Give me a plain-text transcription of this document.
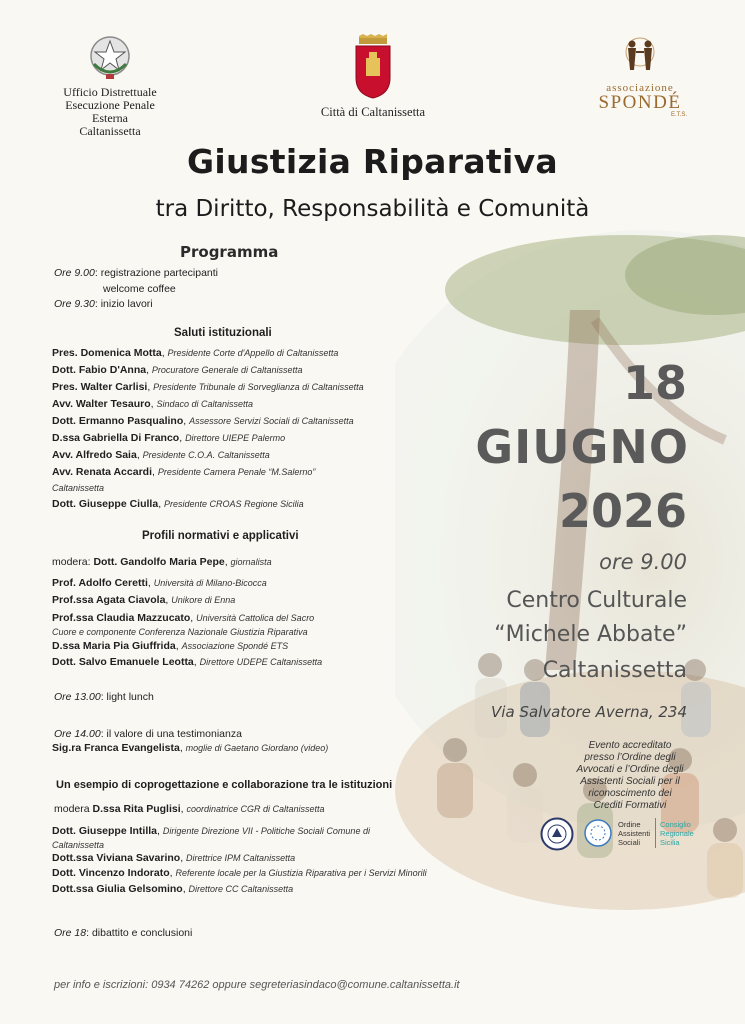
Ufficio Distrettuale
Esecuzione Penale Esterna
Caltanissetta
Città di Caltanissetta
associazione
SPONDÉ
E.T.S.
Giustizia Riparativa
tra Diritto, Responsabilità e Comunità
Programma
Ore 9.00: registrazione partecipanti
welcome coffee
Ore 9.30: inizio lavori
Saluti istituzionali
Pres. Domenica Motta, Presidente Corte d'Appello di Caltanissetta
Dott. Fabio D'Anna, Procuratore Generale di Caltanissetta
Pres. Walter Carlisi, Presidente Tribunale di Sorveglianza di Caltanissetta
Avv. Walter Tesauro, Sindaco di Caltanissetta
Dott. Ermanno Pasqualino, Assessore Servizi Sociali di Caltanissetta
D.ssa Gabriella Di Franco, Direttore UIEPE Palermo
Avv. Alfredo Saia, Presidente C.O.A. Caltanissetta
Avv. Renata Accardi, Presidente Camera Penale “M.Salerno”
Caltanissetta
Dott. Giuseppe Ciulla, Presidente CROAS Regione Sicilia
Profili normativi e applicativi
modera: Dott. Gandolfo Maria Pepe, giornalista
Prof. Adolfo Ceretti, Università di Milano-Bicocca
Prof.ssa Agata Ciavola, Unikore di Enna
Prof.ssa Claudia Mazzucato, Università Cattolica del Sacro
Cuore e componente Conferenza Nazionale Giustizia Riparativa
D.ssa Maria Pia Giuffrida, Associazione Spondé ETS
Dott. Salvo Emanuele Leotta, Direttore UDEPE Caltanissetta
Ore 13.00: light lunch
Ore 14.00: il valore di una testimonianza
Sig.ra Franca Evangelista, moglie di Gaetano Giordano (video)
Un esempio di coprogettazione e collaborazione tra le istituzioni
modera D.ssa Rita Puglisi, coordinatrice CGR di Caltanissetta
Dott. Giuseppe Intilla, Dirigente Direzione VII - Politiche Sociali Comune di
Caltanissetta
Dott.ssa Viviana Savarino, Direttrice IPM Caltanissetta
Dott. Vincenzo Indorato, Referente locale per la Giustizia Riparativa per i Servizi Minorili
Dott.ssa Giulia Gelsomino, Direttore CC Caltanissetta
Ore 18: dibattito e conclusioni
18
GIUGNO
2026
ore 9.00
Centro Culturale
“Michele Abbate”
Caltanissetta
Via Salvatore Averna, 234
Evento accreditato
presso l’Ordine degli
Avvocati e l’Ordine degli
Assistenti Sociali per il
riconoscimento dei
Crediti Formativi
Ordine
Assistenti
Sociali
Consiglio
Regionale
Sicilia
per info e iscrizioni: 0934 74262 oppure segreteriasindaco@comune.caltanissetta.it
